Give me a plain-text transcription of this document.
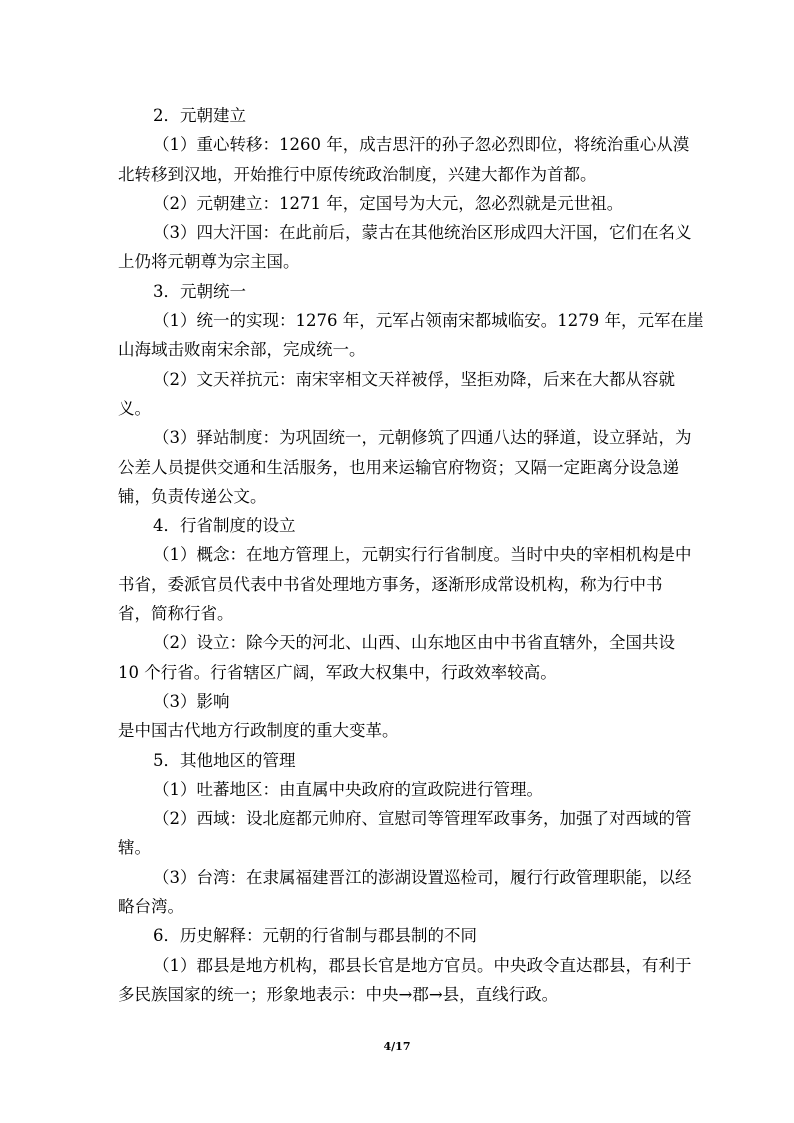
2．元朝建立
（1）重心转移：1260 年，成吉思汗的孙子忽必烈即位，将统治重心从漠
北转移到汉地，开始推行中原传统政治制度，兴建大都作为首都。
（2）元朝建立：1271 年，定国号为大元，忽必烈就是元世祖。
（3）四大汗国：在此前后，蒙古在其他统治区形成四大汗国，它们在名义
上仍将元朝尊为宗主国。
3．元朝统一
（1）统一的实现：1276 年，元军占领南宋都城临安。1279 年，元军在崖
山海域击败南宋余部，完成统一。
（2）文天祥抗元：南宋宰相文天祥被俘，坚拒劝降，后来在大都从容就
义。
（3）驿站制度：为巩固统一，元朝修筑了四通八达的驿道，设立驿站，为
公差人员提供交通和生活服务，也用来运输官府物资；又隔一定距离分设急递
铺，负责传递公文。
4．行省制度的设立
（1）概念：在地方管理上，元朝实行行省制度。当时中央的宰相机构是中
书省，委派官员代表中书省处理地方事务，逐渐形成常设机构，称为行中书
省，简称行省。
（2）设立：除今天的河北、山西、山东地区由中书省直辖外，全国共设
10 个行省。行省辖区广阔，军政大权集中，行政效率较高。
（3）影响
是中国古代地方行政制度的重大变革。
5．其他地区的管理
（1）吐蕃地区：由直属中央政府的宣政院进行管理。
（2）西域：设北庭都元帅府、宣慰司等管理军政事务，加强了对西域的管
辖。
（3）台湾：在隶属福建晋江的澎湖设置巡检司，履行行政管理职能，以经
略台湾。
6．历史解释：元朝的行省制与郡县制的不同
（1）郡县是地方机构，郡县长官是地方官员。中央政令直达郡县，有利于
多民族国家的统一；形象地表示：中央→郡→县，直线行政。
4/17
